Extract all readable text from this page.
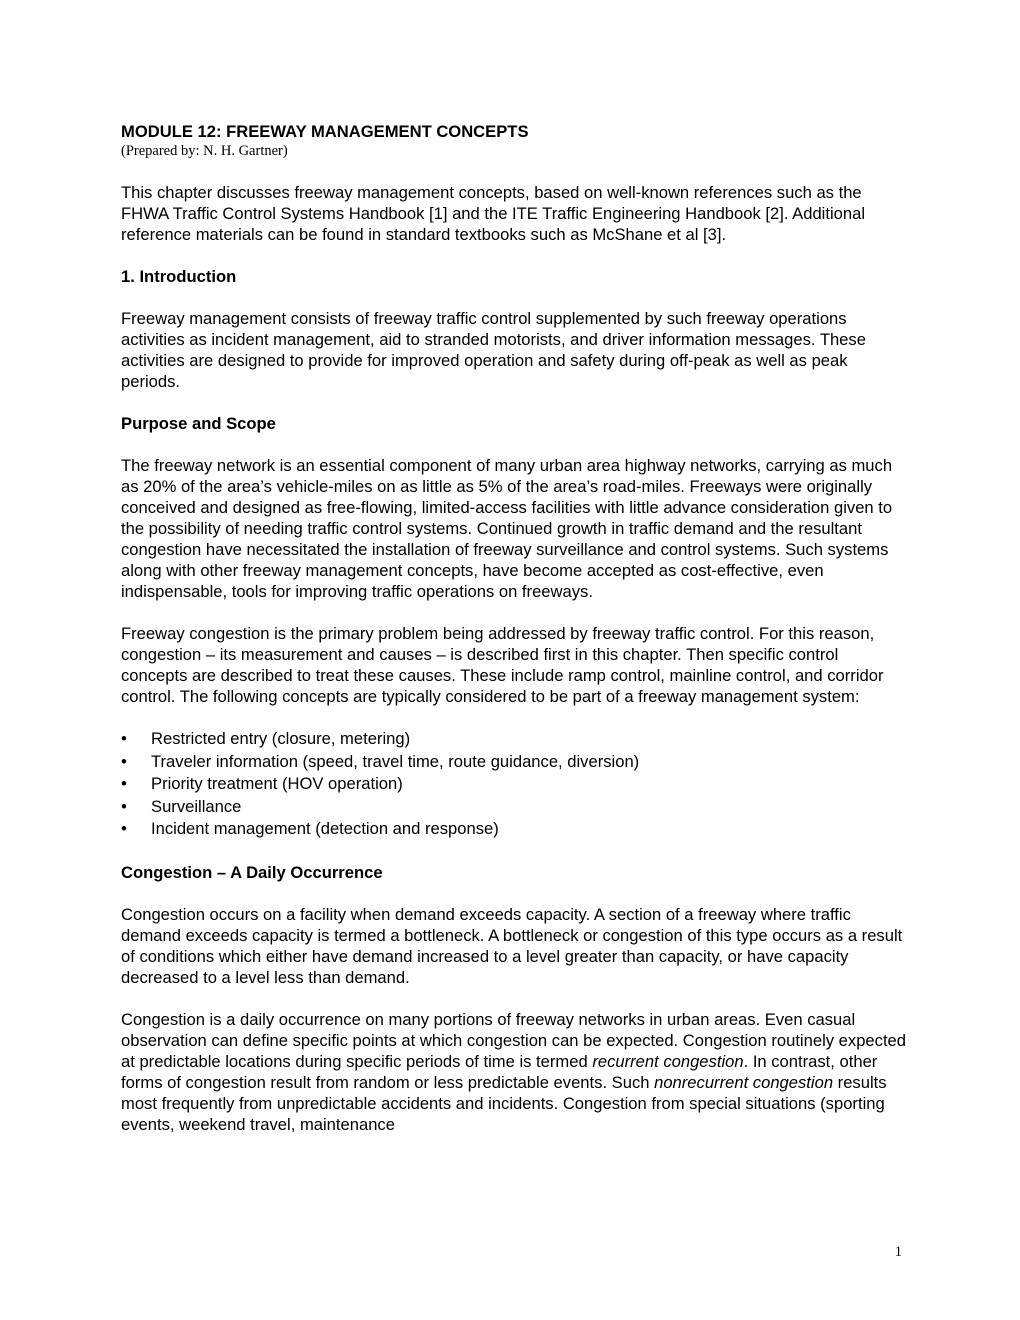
MODULE 12: FREEWAY MANAGEMENT CONCEPTS
(Prepared by: N. H. Gartner)

This chapter discusses freeway management concepts, based on well-known references such as the FHWA Traffic Control Systems Handbook [1] and the ITE Traffic Engineering Handbook [2]. Additional reference materials can be found in standard textbooks such as McShane et al [3].

1. Introduction

Freeway management consists of freeway traffic control supplemented by such freeway operations activities as incident management, aid to stranded motorists, and driver information messages. These activities are designed to provide for improved operation and safety during off-peak as well as peak periods.

Purpose and Scope

The freeway network is an essential component of many urban area highway networks, carrying as much as 20% of the area’s vehicle-miles on as little as 5% of the area’s road-miles. Freeways were originally conceived and designed as free-flowing, limited-access facilities with little advance consideration given to the possibility of needing traffic control systems. Continued growth in traffic demand and the resultant congestion have necessitated the installation of freeway surveillance and control systems. Such systems along with other freeway management concepts, have become accepted as cost-effective, even indispensable, tools for improving traffic operations on freeways.

Freeway congestion is the primary problem being addressed by freeway traffic control. For this reason, congestion – its measurement and causes – is described first in this chapter. Then specific control concepts are described to treat these causes. These include ramp control, mainline control, and corridor control. The following concepts are typically considered to be part of a freeway management system:

•	Restricted entry (closure, metering)
•	Traveler information (speed, travel time, route guidance, diversion)
•	Priority treatment (HOV operation)
•	Surveillance
•	Incident management (detection and response)
Congestion – A Daily Occurrence

Congestion occurs on a facility when demand exceeds capacity. A section of a freeway where traffic demand exceeds capacity is termed a bottleneck. A bottleneck or congestion of this type occurs as a result of conditions which either have demand increased to a level greater than capacity, or have capacity decreased to a level less than demand.

Congestion is a daily occurrence on many portions of freeway networks in urban areas. Even casual observation can define specific points at which congestion can be expected. Congestion routinely expected at predictable locations during specific periods of time is termed recurrent congestion. In contrast, other forms of congestion result from random or less predictable events. Such nonrecurrent congestion results most frequently from unpredictable accidents and incidents. Congestion from special situations (sporting events, weekend travel, maintenance

1
